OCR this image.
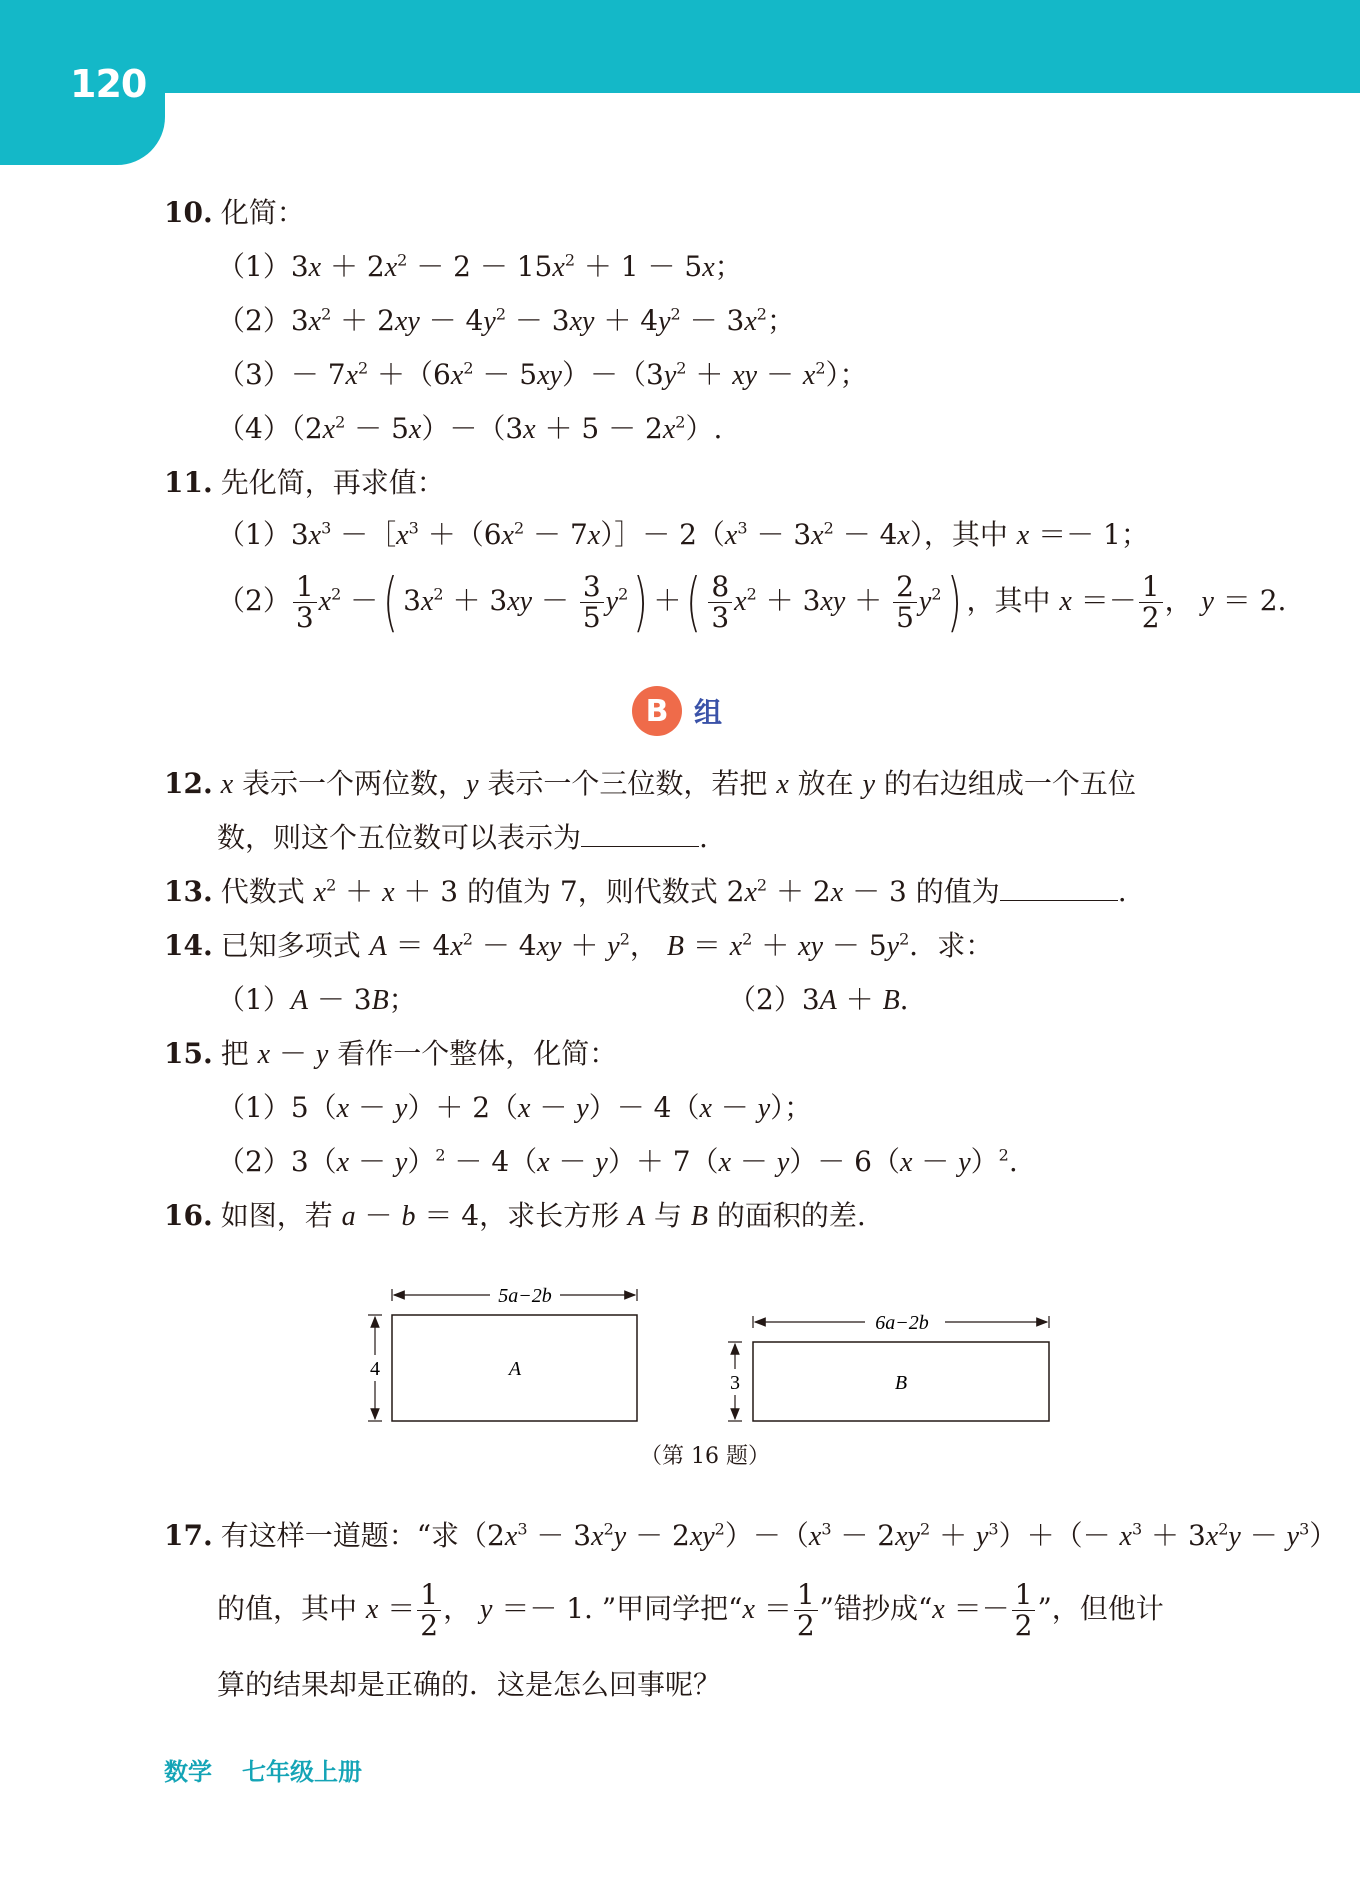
120
10. 化简：
$(1)3x + 2x^2 - 2 - 15x^2 + 1 - 5x$；
$(2)3x^2 + 2xy - 4y^2 - 3xy + 4y^2 - 3x^2$；
$(3)- 7x^2 +(6x^2 - 5xy)-(3y^2$ ＋ xy － $x^2$）；
$(4)(2x^2 - 5x)-(3x + 5 - 2x^2)$.
11. 先化简，再求值：
$(1)3x^3$ $-[x^3 +(6x^2$ － 7x）］－ $2(x^3 - 3x^2 - 4x)$，其中 x ＝－ 1；
$(2) \frac{1}{3} x^2$ －( $3x^2 + 3xy - \frac{3}{5} y^2$) ＋( $\frac{8}{3} x^2 + 3xy + \frac{2}{5} y^2$) ，其中 $x =- \frac{1}{2}$ ， y ＝ 2.
B 组
12. x 表示一个两位数，y 表示一个三位数，若把 x 放在 y 的右边组成一个五位
数，则这个五位数可以表示为	.
13. 代数式 $x^2 + x + 3$ 的值为 7，则代数式 $2x^2 + 2x - 3$ 的值为	.
14. 已知多项式 $A = 4x^2 - 4xy + y^2$， $B = x^2$ ＋ xy － $5y^2$．求：
（1）A － 3B；	（2）3A ＋ B.
15. 把 x － y 看作一个整体，化简：
（1）5（x － y）＋ 2（x － y）－ 4（x － y）；
$(2)3(x - y)^2 - 4(x - y)+ 7(x - y)- 6(x - y)^2$.
16. 如图，若 a － b ＝ 4，求长方形 A 与 B 的面积的差.
5a−2b
4	A
6a−2b
3	B
（第 16 题）
17. 有这样一道题：“求$(2x^3 - 3x^2y - 2xy^2)-(x^3 - 2xy^2 + y^3)+(- x^3 + 3x^2y - y^3)$
的值，其中 $x = \frac{1}{2}$ ， y ＝－ 1. ”甲同学把“$x = \frac{1}{2}$ ”错抄成“$x =- \frac{1}{2}$ ”，但他计
算的结果却是正确的．这是怎么回事呢？
数学 七年级上册
